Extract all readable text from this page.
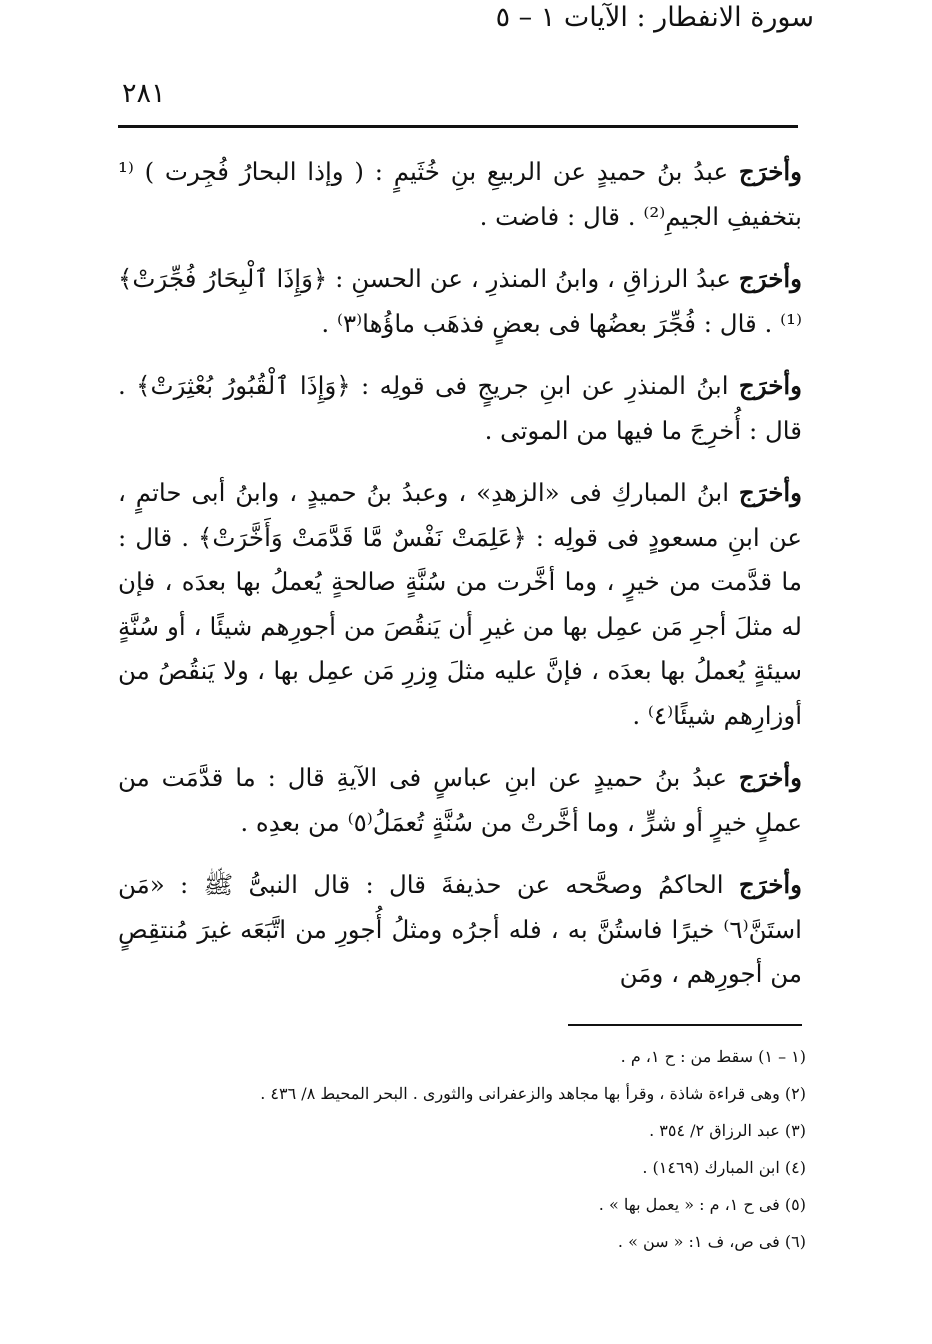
٢٨١
سورة الانفطار : الآيات ١ – ٥

وأخرَج عبدُ بنُ حميدٍ عن الربيعِ بنِ خُثَيمٍ : ( وإذا البحارُ فُجِرت ) ⁽¹ بتخفيفِ الجيمِ⁽²⁾ . قال : فاضت .

وأخرَج عبدُ الرزاقِ ، وابنُ المنذرِ ، عن الحسنِ : ﴿وَإِذَا ٱلْبِحَارُ فُجِّرَتْ﴾ ⁽¹⁾ . قال : فُجِّرَ بعضُها فى بعضٍ فذهَب ماؤُها⁽٣⁾ .

وأخرَج ابنُ المنذرِ عن ابنِ جريجٍ فى قولِه : ﴿وَإِذَا ٱلْقُبُورُ بُعْثِرَتْ﴾ . قال : أُخرِجَ ما فيها من الموتى .

وأخرَج ابنُ المباركِ فى «الزهدِ» ، وعبدُ بنُ حميدٍ ، وابنُ أبى حاتمٍ ، عن ابنِ مسعودٍ فى قولِه : ﴿عَلِمَتْ نَفْسٌ مَّا قَدَّمَتْ وَأَخَّرَتْ﴾ . قال : ما قدَّمت من خيرٍ ، وما أخَّرت من سُنَّةٍ صالحةٍ يُعملُ بها بعدَه ، فإن له مثلَ أجرِ مَن عمِل بها من غيرِ أن يَنقُصَ من أجورِهم شيئًا ، أو سُنَّةٍ سيئةٍ يُعملُ بها بعدَه ، فإنَّ عليه مثلَ وِزرِ مَن عمِل بها ، ولا يَنقُصُ من أوزارِهم شيئًا⁽٤⁾ .

وأخرَج عبدُ بنُ حميدٍ عن ابنِ عباسٍ فى الآيةِ قال : ما قدَّمَت من عملٍ خيرٍ أو شرٍّ ، وما أخَّرتْ من سُنَّةٍ تُعمَلُ⁽٥⁾ من بعدِه .

وأخرَج الحاكمُ وصحَّحه عن حذيفةَ قال : قال النبىُّ ﷺ : «مَن استَنَّ⁽٦⁾ خيرًا فاستُنَّ به ، فله أجرُه ومثلُ أُجورِ من اتَّبَعَه غيرَ مُنتقِصٍ من أجورِهم ، ومَن

(١ – ١) سقط من : ح ١، م .
(٢) وهى قراءة شاذة ، وقرأ بها مجاهد والزعفرانى والثورى . البحر المحيط ٨/ ٤٣٦ .
(٣) عبد الرزاق ٢/ ٣٥٤ .
(٤) ابن المبارك (١٤٦٩) .
(٥) فى ح ١، م : « يعمل بها » .
(٦) فى ص، ف ١: « سن » .
